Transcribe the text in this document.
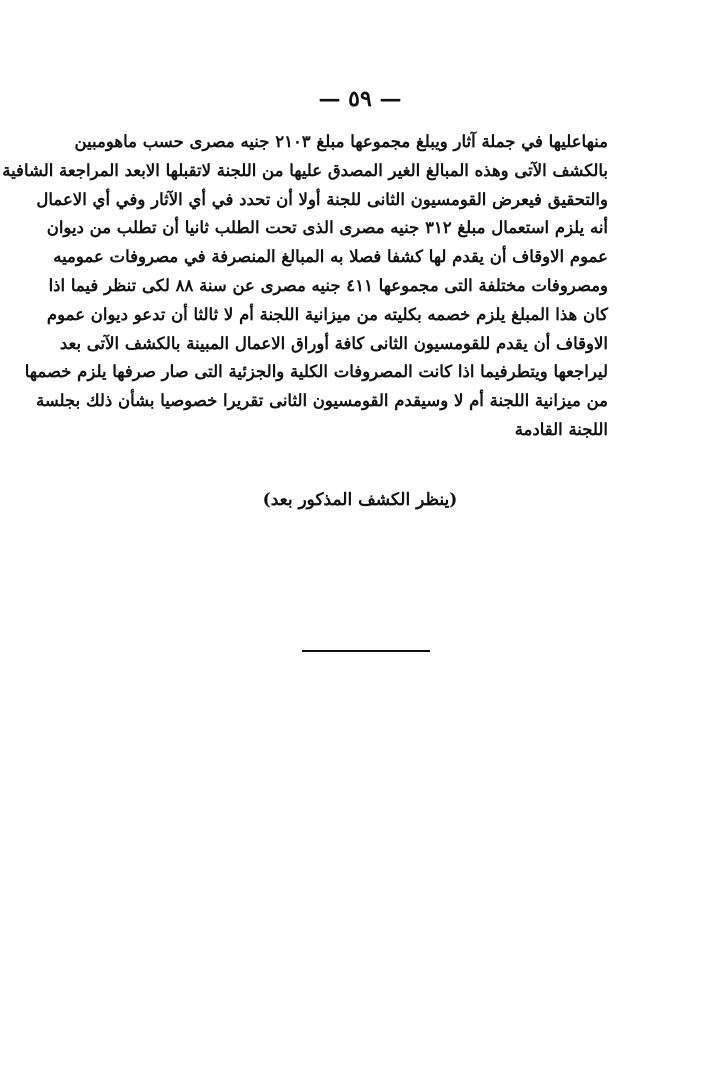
— ٥٩ —
منهاعليها في جملة آثار ويبلغ مجموعها مبلغ ٢١٠٣ جنيه مصرى حسب ماهومبين
بالكشف الآتى وهذه المبالغ الغير المصدق عليها من اللجنة لاتقبلها الابعد المراجعة الشافية
والتحقيق فيعرض القومسيون الثانى للجنة أولا أن تحدد في أي الآثار وفي أي الاعمال
أنه يلزم استعمال مبلغ ٣١٢ جنيه مصرى الذى تحت الطلب ثانيا أن تطلب من ديوان
عموم الاوقاف أن يقدم لها كشفا فصلا به المبالغ المنصرفة في مصروفات عموميه
ومصروفات مختلفة التى مجموعها ٤١١ جنيه مصرى عن سنة ٨٨ لكى تنظر فيما اذا
كان هذا المبلغ يلزم خصمه بكليته من ميزانية اللجنة أم لا ثالثا أن تدعو ديوان عموم
الاوقاف أن يقدم للقومسيون الثانى كافة أوراق الاعمال المبينة بالكشف الآتى بعد
ليراجعها ويتطرفيما اذا كانت المصروفات الكلية والجزئية التى صار صرفها يلزم خصمها
من ميزانية اللجنة أم لا وسيقدم القومسيون الثانى تقريرا خصوصيا بشأن ذلك بجلسة
اللجنة القادمة
(ينظر الكشف المذكور بعد)
